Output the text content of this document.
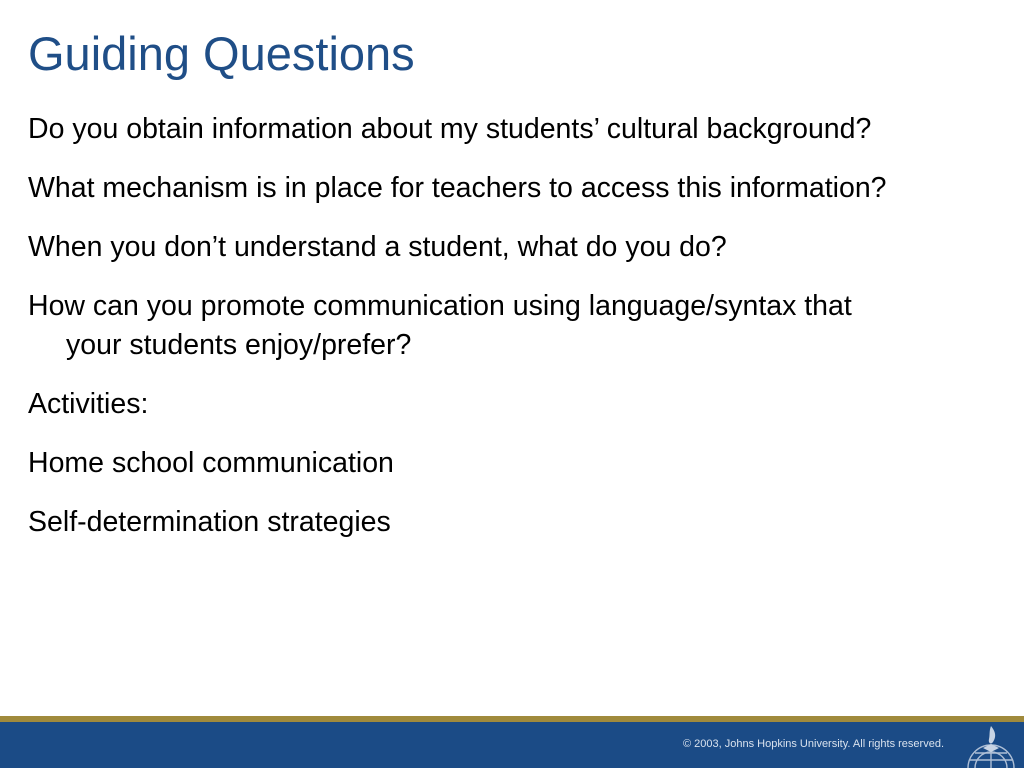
Guiding Questions
Do you obtain information about my students’ cultural background?
What mechanism is in place for teachers to access this information?
When you don’t understand a student, what do you do?
How can you promote communication using language/syntax that your students enjoy/prefer?
Activities:
Home school communication
Self-determination strategies
© 2003, Johns Hopkins University. All rights reserved.
